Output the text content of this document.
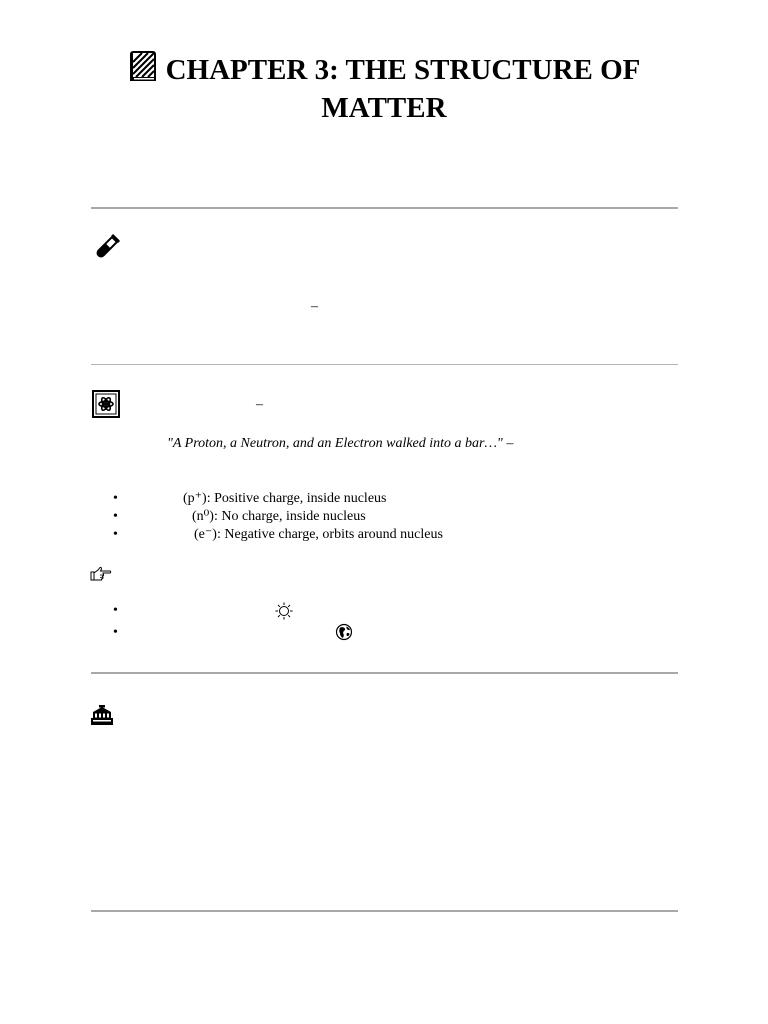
CHAPTER 3: THE STRUCTURE OF
MATTER
–
–
"A Proton, a Neutron, and an Electron walked into a bar…" –
•	(p⁺): Positive charge, inside nucleus
•	(n⁰): No charge, inside nucleus
•	(e⁻): Negative charge, orbits around nucleus
•
•
